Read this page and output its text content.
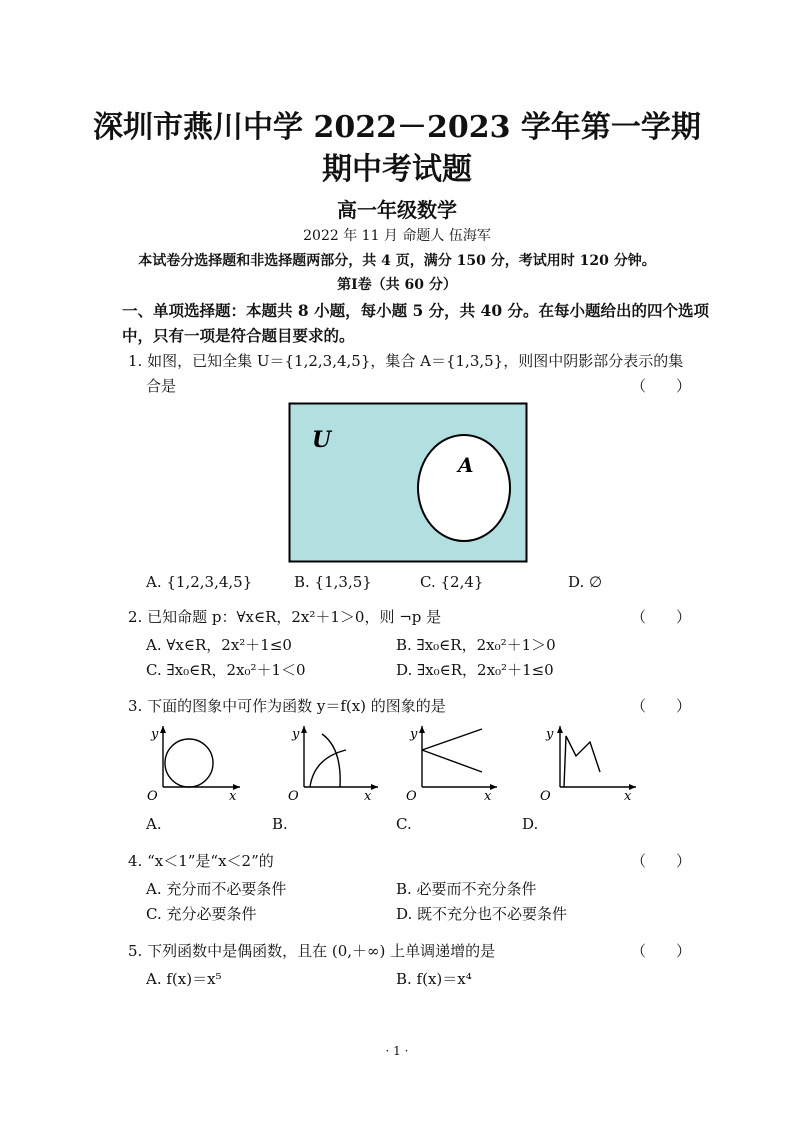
深圳市燕川中学 2022－2023 学年第一学期
期中考试题
高一年级数学
2022 年 11 月 命题人 伍海军
本试卷分选择题和非选择题两部分，共 4 页，满分 150 分，考试用时 120 分钟。
第Ⅰ卷（共 60 分）
一、单项选择题：本题共 8 小题，每小题 5 分，共 40 分。在每小题给出的四个选项
中，只有一项是符合题目要求的。
1. 如图，已知全集 U＝{1,2,3,4,5}，集合 A＝{1,3,5}，则图中阴影部分表示的集
合是	（　　）
U
A
A. {1,2,3,4,5}	B. {1,3,5}	C. {2,4}	D. ∅
2. 已知命题 p：∀x∈R，2x²＋1＞0，则 ¬p 是	（　　）
A. ∀x∈R，2x²＋1≤0	B. ∃x₀∈R，2x₀²＋1＞0
C. ∃x₀∈R，2x₀²＋1＜0	D. ∃x₀∈R，2x₀²＋1≤0
3. 下面的图象中可作为函数 y＝f(x) 的图象的是	（　　）
O	x
y
O	x
y
O	x
y
O	x
y
A.	B.	C.	D.
4. “x＜1”是“x＜2”的	（　　）
A. 充分而不必要条件	B. 必要而不充分条件
C. 充分必要条件	D. 既不充分也不必要条件
5. 下列函数中是偶函数，且在 (0,＋∞) 上单调递增的是	（　　）
A. f(x)＝x⁵	B. f(x)＝x⁴
· 1 ·
